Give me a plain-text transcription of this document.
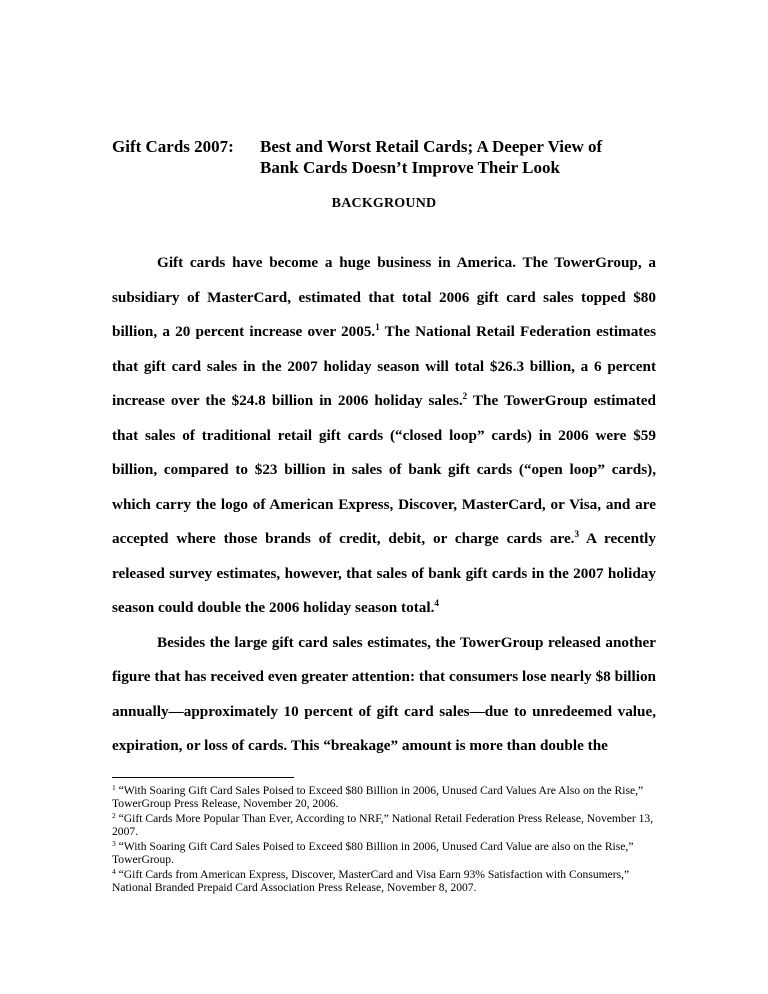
Gift Cards 2007:	Best and Worst Retail Cards; A Deeper View of
Bank Cards Doesn’t Improve Their Look
BACKGROUND

Gift cards have become a huge business in America. The TowerGroup, a subsidiary of MasterCard, estimated that total 2006 gift card sales topped $80 billion, a 20 percent increase over 2005.$^1$ The National Retail Federation estimates that gift card sales in the 2007 holiday season will total $26.3 billion, a 6 percent increase over the $24.8 billion in 2006 holiday sales.$^2$ The TowerGroup estimated that sales of traditional retail gift cards (“closed loop” cards) in 2006 were $59 billion, compared to $23 billion in sales of bank gift cards (“open loop” cards), which carry the logo of American Express, Discover, MasterCard, or Visa, and are accepted where those brands of credit, debit, or charge cards are.$^3$ A recently released survey estimates, however, that sales of bank gift cards in the 2007 holiday season could double the 2006 holiday season total.$^4$

Besides the large gift card sales estimates, the TowerGroup released another figure that has received even greater attention: that consumers lose nearly $8 billion annually—approximately 10 percent of gift card sales—due to unredeemed value, expiration, or loss of cards. This “breakage” amount is more than double the

$^1$ “With Soaring Gift Card Sales Poised to Exceed $80 Billion in 2006, Unused Card Values Are Also on the Rise,” TowerGroup Press Release, November 20, 2006.
$^2$ “Gift Cards More Popular Than Ever, According to NRF,” National Retail Federation Press Release, November 13, 2007.
$^3$ “With Soaring Gift Card Sales Poised to Exceed $80 Billion in 2006, Unused Card Value are also on the Rise,” TowerGroup.
$^4$ “Gift Cards from American Express, Discover, MasterCard and Visa Earn 93% Satisfaction with Consumers,” National Branded Prepaid Card Association Press Release, November 8, 2007.
